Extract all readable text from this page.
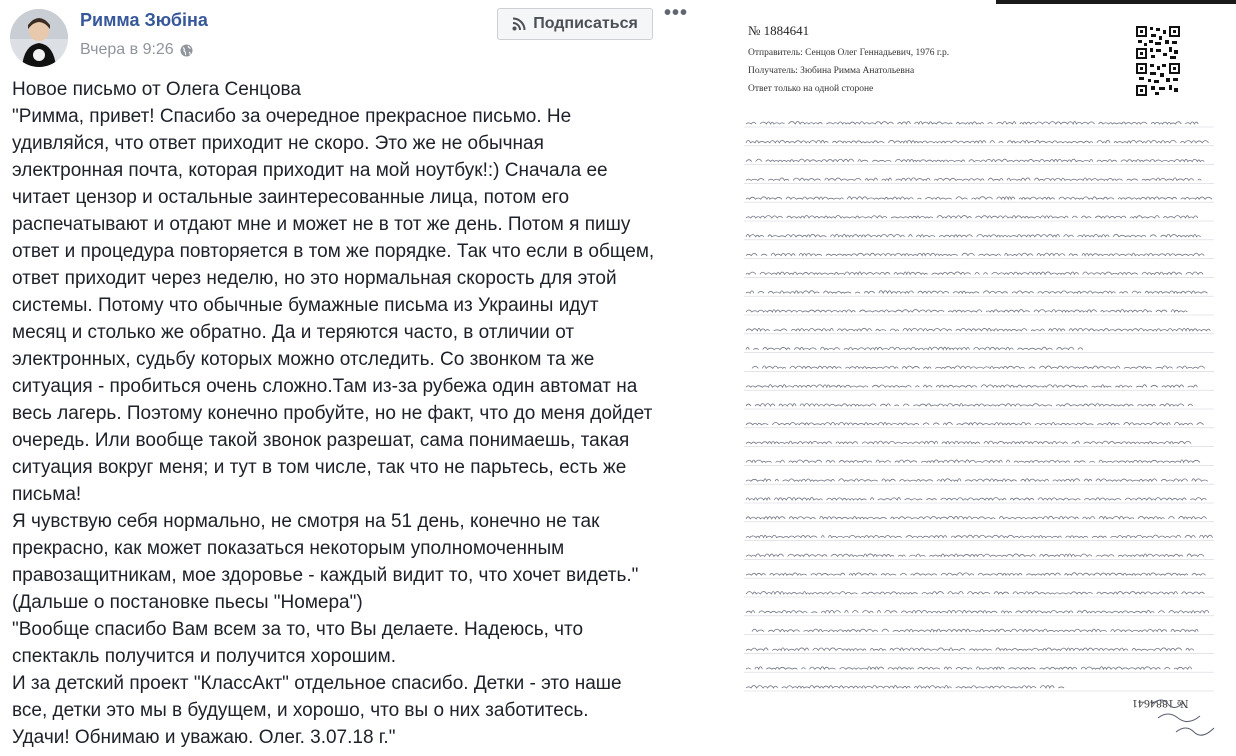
Римма Зюбіна
Вчера в 9:26
Подписаться •••

Новое письмо от Олега Сенцова

"Римма, привет! Спасибо за очередное прекрасное письмо. Не

удивляйся, что ответ приходит не скоро. Это же не обычная

электронная почта, которая приходит на мой ноутбук!:) Сначала ее

читает цензор и остальные заинтересованные лица, потом его

распечатывают и отдают мне и может не в тот же день. Потом я пишу

ответ и процедура повторяется в том же порядке. Так что если в общем,

ответ приходит через неделю, но это нормальная скорость для этой

системы. Потому что обычные бумажные письма из Украины идут

месяц и столько же обратно. Да и теряются часто, в отличии от

электронных, судьбу которых можно отследить. Со звонком та же

ситуация - пробиться очень сложно.Там из-за рубежа один автомат на

весь лагерь. Поэтому конечно пробуйте, но не факт, что до меня дойдет

очередь. Или вообще такой звонок разрешат, сама понимаешь, такая

ситуация вокруг меня; и тут в том числе, так что не парьтесь, есть же

письма!

Я чувствую себя нормально, не смотря на 51 день, конечно не так

прекрасно, как может показаться некоторым уполномоченным

правозащитникам, мое здоровье - каждый видит то, что хочет видеть."

(Дальше о постановке пьесы "Номера")

"Вообще спасибо Вам всем за то, что Вы делаете. Надеюсь, что

спектакль получится и получится хорошим.

И за детский проект "КлассАкт" отдельное спасибо. Детки - это наше

все, детки это мы в будущем, и хорошо, что вы о них заботитесь.

Удачи! Обнимаю и уважаю. Олег. 3.07.18 г."

№ 1884641
Отправитель: Сенцов Олег Геннадьевич, 1976 г.р.
Получатель: Зюбина Римма Анатольевна
Ответ только на одной стороне
№ 1884641
